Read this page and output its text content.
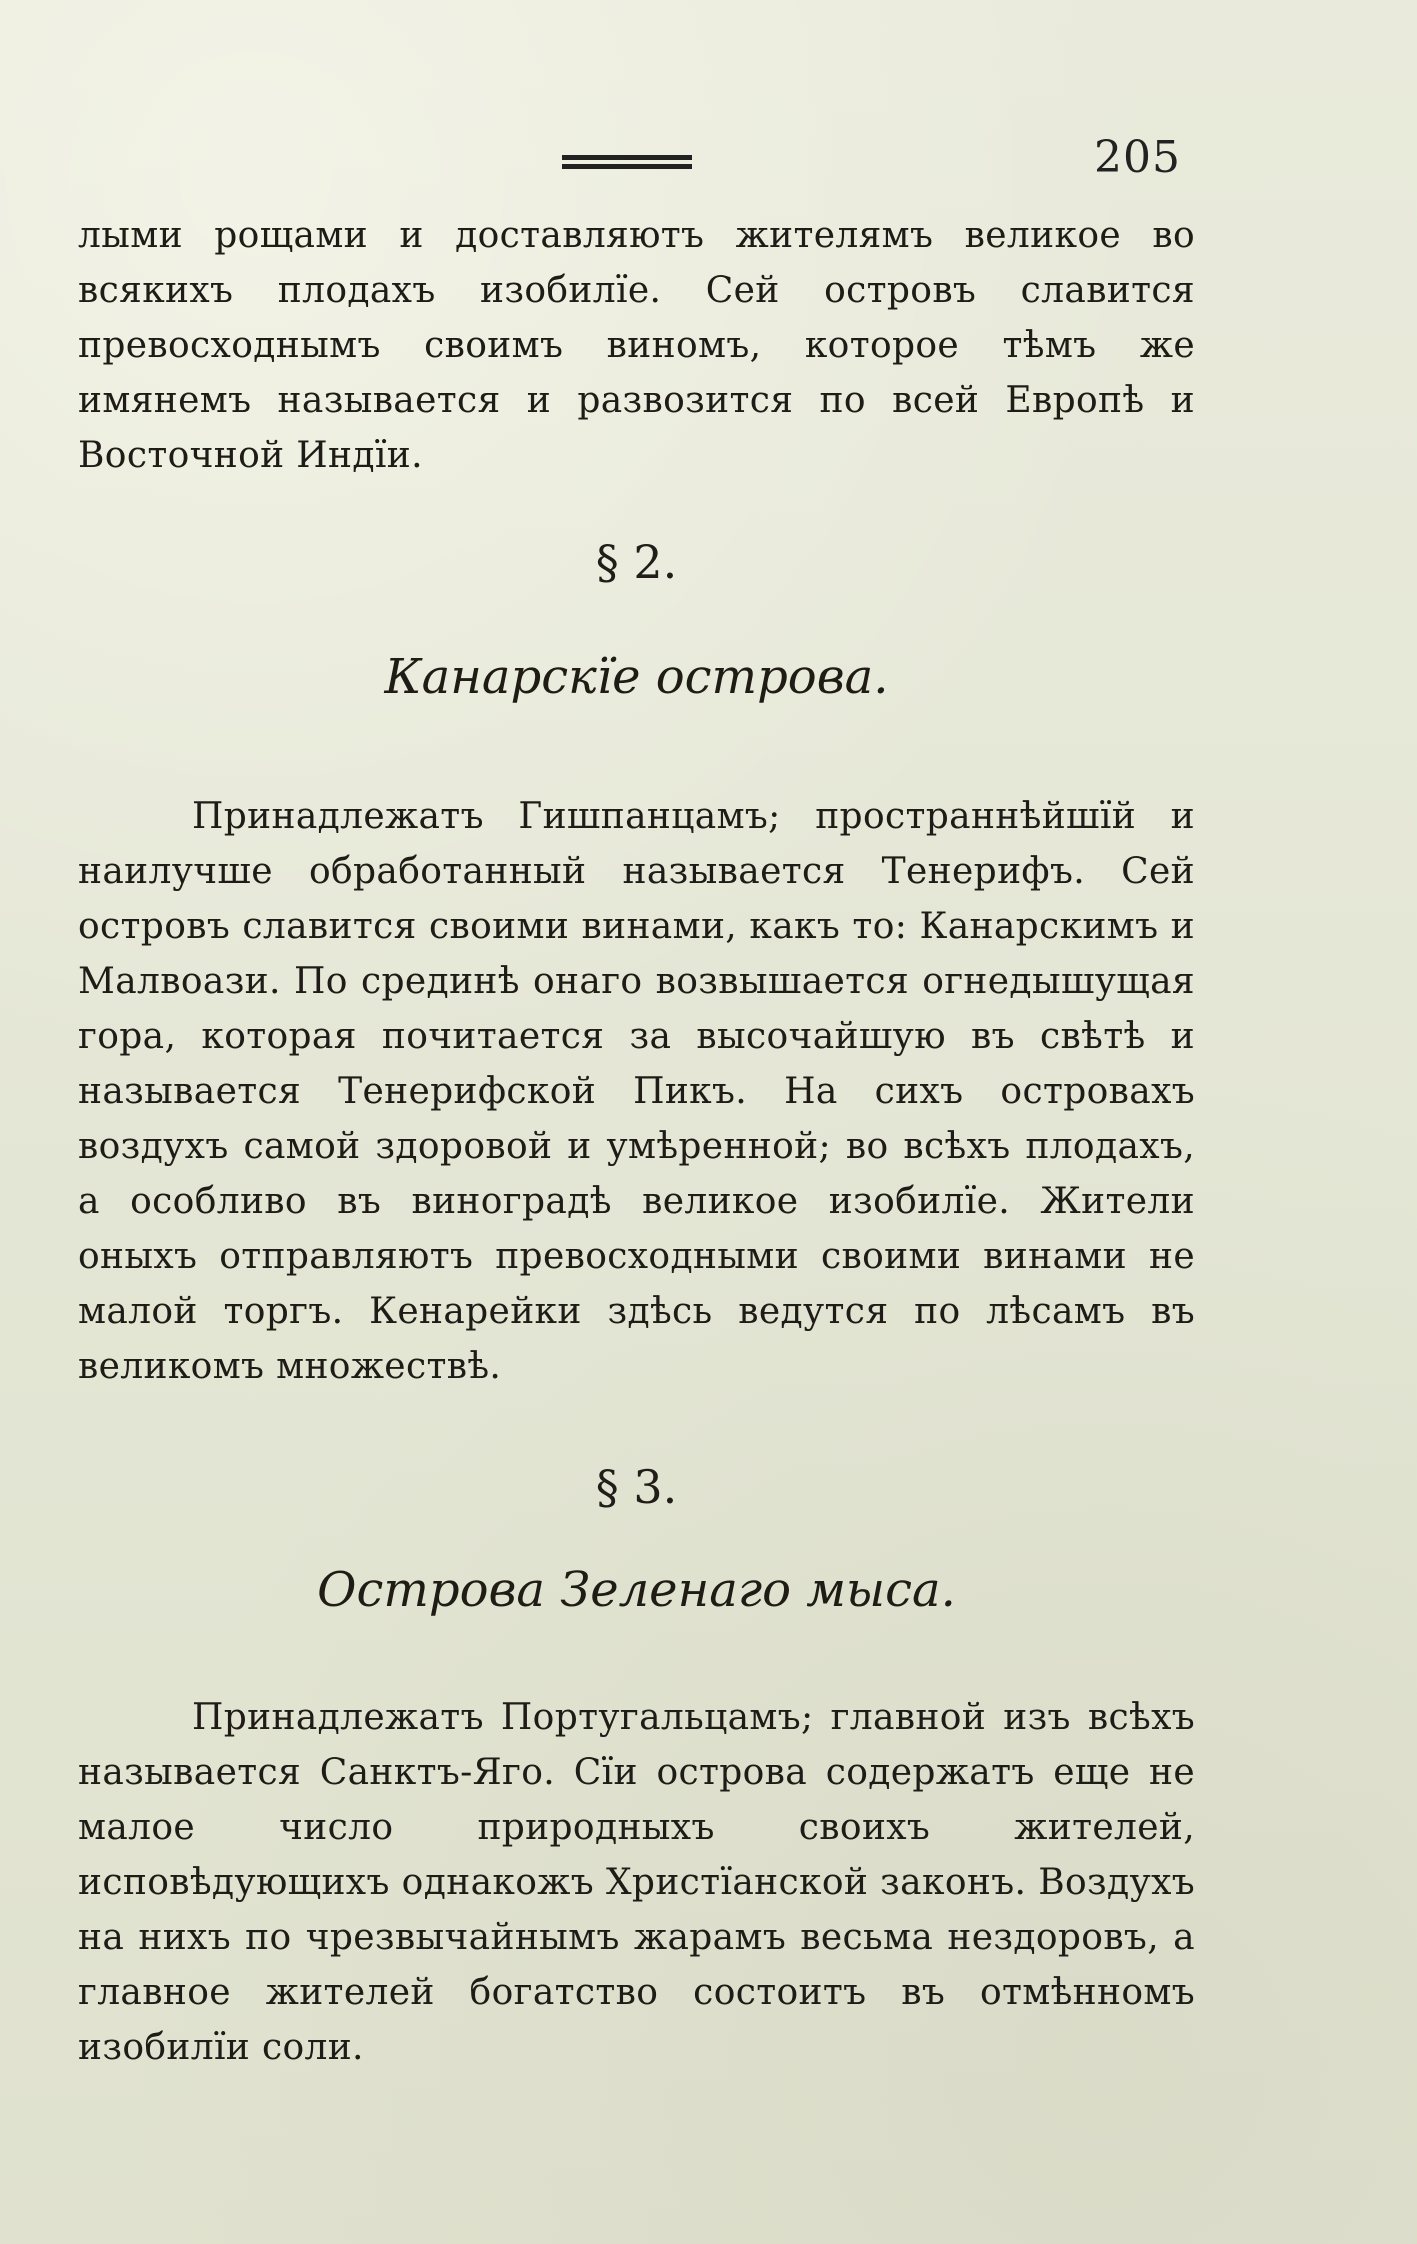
205

лыми рощами и доставляютъ жителямъ великое во всякихъ плодахъ изобилїе. Сей островъ славится превосходнымъ своимъ виномъ, которое тѣмъ же имянемъ называется и развозится по всей Европѣ и Восточной Индїи.

§ 2.

Канарскїе острова.

Принадлежатъ Гишпанцамъ; пространнѣйшїй и наилучше обработанный называется Тенерифъ. Сей островъ славится своими винами, какъ то: Канарскимъ и Малвоази. По срединѣ онаго возвышается огнедышущая гора, которая почитается за высочайшую въ свѣтѣ и называется Тенерифской Пикъ. На сихъ островахъ воздухъ самой здоровой и умѣренной; во всѣхъ плодахъ, а особливо въ виноградѣ великое изобилїе. Жители оныхъ отправляютъ превосходными своими винами не малой торгъ. Кенарейки здѣсь ведутся по лѣсамъ въ великомъ множествѣ.

§ 3.

Острова Зеленаго мыса.

Принадлежатъ Португальцамъ; главной изъ всѣхъ называется Санктъ-Яго. Сїи острова содержатъ еще не малое число природныхъ своихъ жителей, исповѣдующихъ однакожъ Христїанской законъ. Воздухъ на нихъ по чрезвычайнымъ жарамъ весьма нездоровъ, а главное жителей богатство состоитъ въ отмѣнномъ изобилїи соли.
